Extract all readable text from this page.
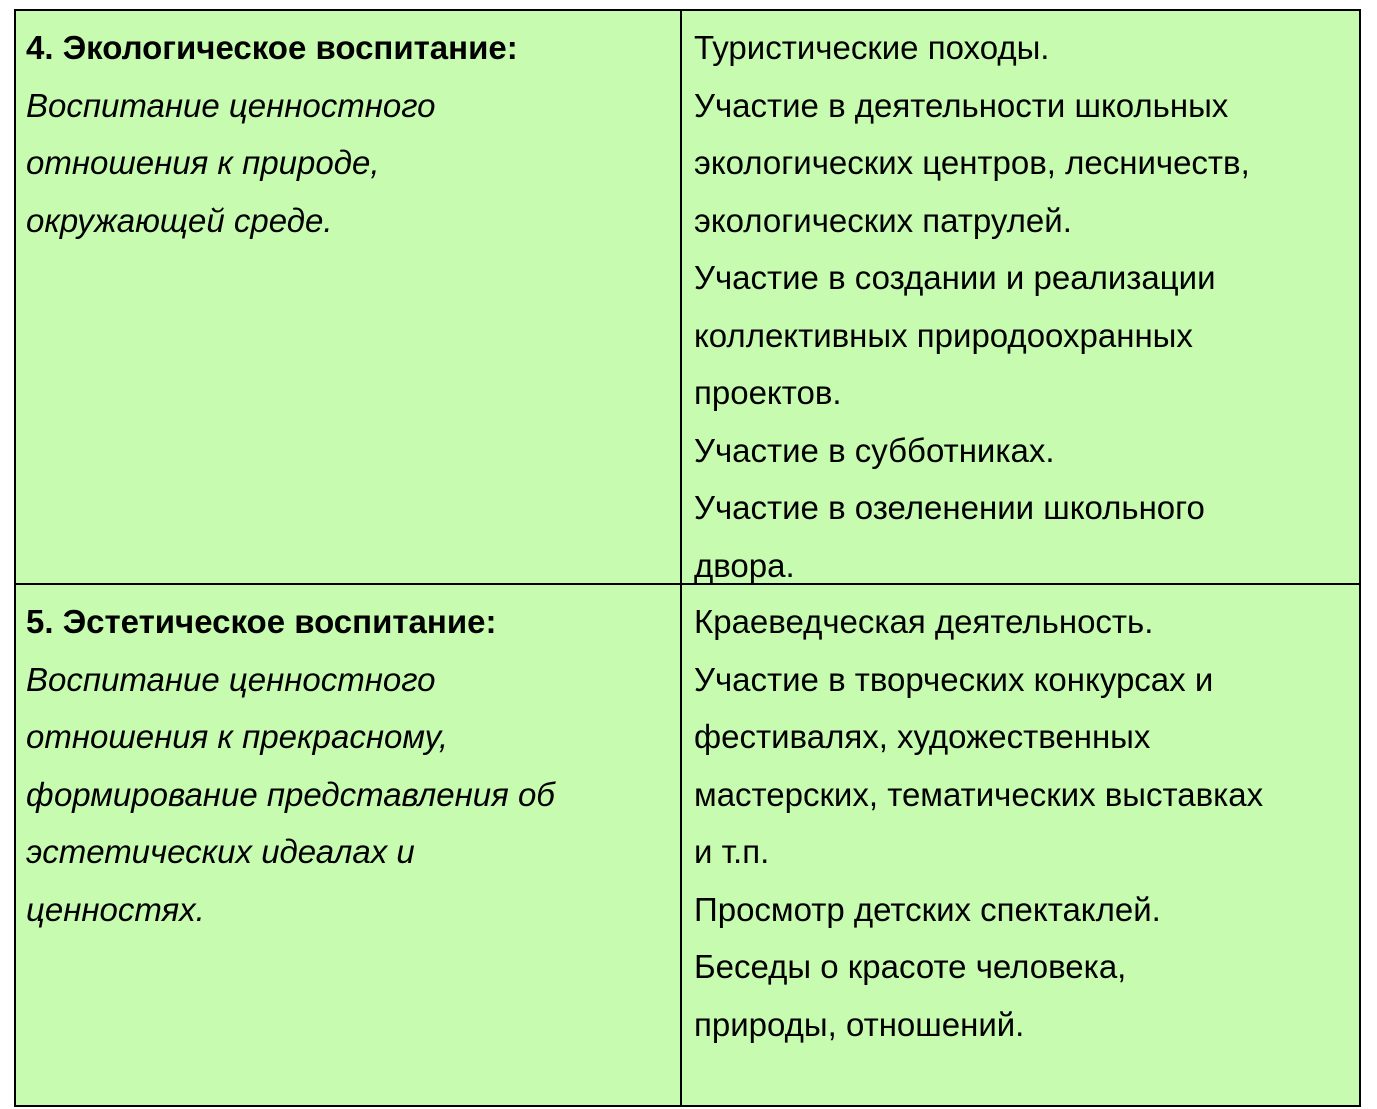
4. Экологическое воспитание:

Воспитание ценностного

отношения к природе,

окружающей среде.

Туристические походы.

Участие в деятельности школьных

экологических центров, лесничеств,

экологических патрулей.

Участие в создании и реализации

коллективных природоохранных

проектов.

Участие в субботниках.

Участие в озеленении школьного

двора.

5. Эстетическое воспитание:

Воспитание ценностного

отношения к прекрасному,

формирование представления об

эстетических идеалах и

ценностях.

Краеведческая деятельность.

Участие в творческих конкурсах и

фестивалях, художественных

мастерских, тематических выставках

и т.п.

Просмотр детских спектаклей.

Беседы о красоте человека,

природы, отношений.
